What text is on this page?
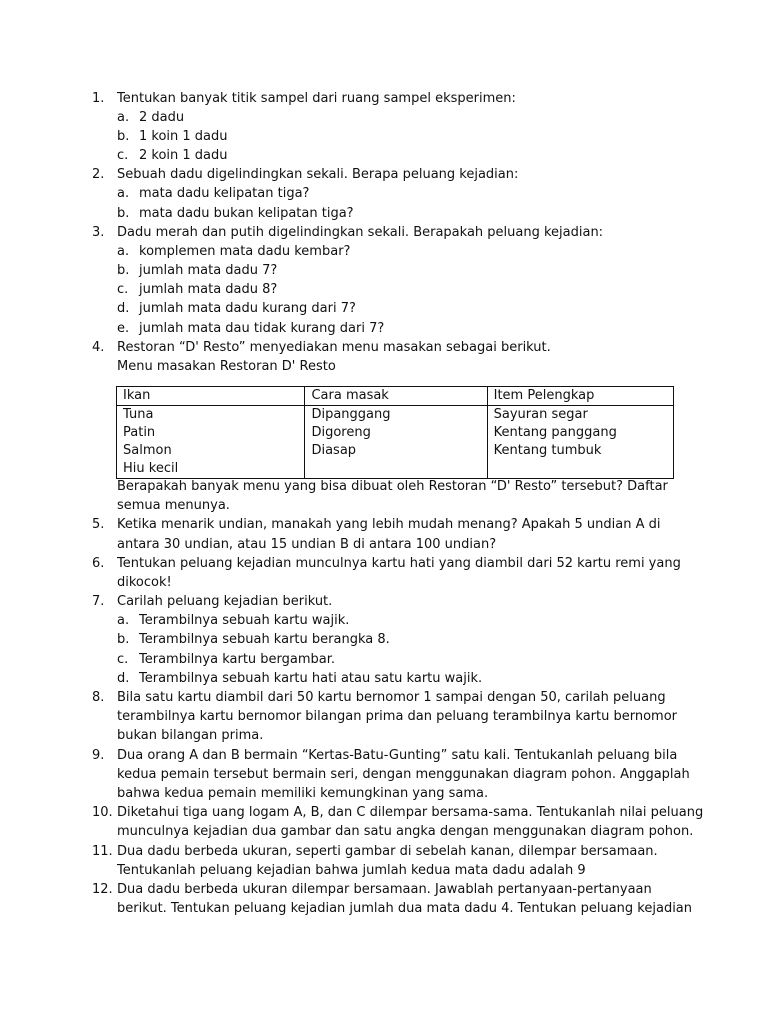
1. Tentukan banyak titik sampel dari ruang sampel eksperimen:
a. 2 dadu
b. 1 koin 1 dadu
c. 2 koin 1 dadu
2. Sebuah dadu digelindingkan sekali. Berapa peluang kejadian:
a. mata dadu kelipatan tiga?
b. mata dadu bukan kelipatan tiga?
3. Dadu merah dan putih digelindingkan sekali. Berapakah peluang kejadian:
a. komplemen mata dadu kembar?
b. jumlah mata dadu 7?
c. jumlah mata dadu 8?
d. jumlah mata dadu kurang dari 7?
e. jumlah mata dau tidak kurang dari 7?
4. Restoran “D' Resto” menyediakan menu masakan sebagai berikut.
Menu masakan Restoran D' Resto
Ikan	Cara masak	Item Pelengkap
Tuna	Dipanggang	Sayuran segar
Patin	Digoreng	Kentang panggang
Salmon	Diasap	Kentang tumbuk
Hiu kecil		
Berapakah banyak menu yang bisa dibuat oleh Restoran “D' Resto” tersebut? Daftar
semua menunya.
5. Ketika menarik undian, manakah yang lebih mudah menang? Apakah 5 undian A di
antara 30 undian, atau 15 undian B di antara 100 undian?
6. Tentukan peluang kejadian munculnya kartu hati yang diambil dari 52 kartu remi yang
dikocok!
7. Carilah peluang kejadian berikut.
a. Terambilnya sebuah kartu wajik.
b. Terambilnya sebuah kartu berangka 8.
c. Terambilnya kartu bergambar.
d. Terambilnya sebuah kartu hati atau satu kartu wajik.
8. Bila satu kartu diambil dari 50 kartu bernomor 1 sampai dengan 50, carilah peluang
terambilnya kartu bernomor bilangan prima dan peluang terambilnya kartu bernomor
bukan bilangan prima.
9. Dua orang A dan B bermain “Kertas-Batu-Gunting” satu kali. Tentukanlah peluang bila
kedua pemain tersebut bermain seri, dengan menggunakan diagram pohon. Anggaplah
bahwa kedua pemain memiliki kemungkinan yang sama.
10. Diketahui tiga uang logam A, B, dan C dilempar bersama-sama. Tentukanlah nilai peluang
munculnya kejadian dua gambar dan satu angka dengan menggunakan diagram pohon.
11. Dua dadu berbeda ukuran, seperti gambar di sebelah kanan, dilempar bersamaan.
Tentukanlah peluang kejadian bahwa jumlah kedua mata dadu adalah 9
12. Dua dadu berbeda ukuran dilempar bersamaan. Jawablah pertanyaan-pertanyaan
berikut. Tentukan peluang kejadian jumlah dua mata dadu 4. Tentukan peluang kejadian
